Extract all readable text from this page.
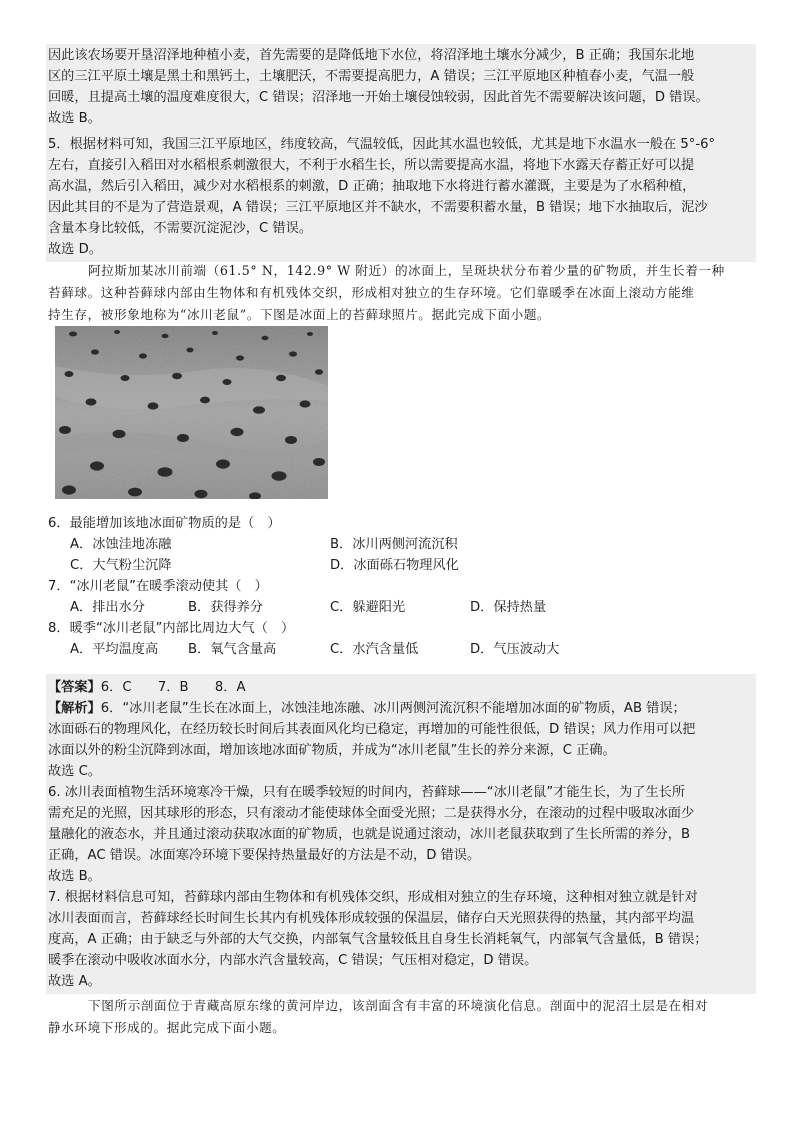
因此该农场要开垦沼泽地种植小麦，首先需要的是降低地下水位，将沼泽地土壤水分减少，B 正确；我国东北地
区的三江平原土壤是黑土和黑钙土，土壤肥沃，不需要提高肥力，A 错误；三江平原地区种植春小麦，气温一般
回暖，且提高土壤的温度难度很大，C 错误；沼泽地一开始土壤侵蚀较弱，因此首先不需要解决该问题，D 错误。
故选 B。
5．根据材料可知，我国三江平原地区，纬度较高，气温较低，因此其水温也较低，尤其是地下水温水一般在 5°-6°
左右，直接引入稻田对水稻根系刺激很大，不利于水稻生长，所以需要提高水温，将地下水露天存蓄正好可以提
高水温，然后引入稻田，减少对水稻根系的刺激，D 正确；抽取地下水将进行蓄水灌溉，主要是为了水稻种植，
因此其目的不是为了营造景观，A 错误；三江平原地区并不缺水，不需要积蓄水量，B 错误；地下水抽取后，泥沙
含量本身比较低，不需要沉淀泥沙，C 错误。
故选 D。
阿拉斯加某冰川前端（61.5° N，142.9° W 附近）的冰面上，呈斑块状分布着少量的矿物质，并生长着一种
苔藓球。这种苔藓球内部由生物体和有机残体交织，形成相对独立的生存环境。它们靠暖季在冰面上滚动方能维
持生存，被形象地称为“冰川老鼠”。下图是冰面上的苔藓球照片。据此完成下面小题。
6．最能增加该地冰面矿物质的是（　）
A．冰蚀洼地冻融	B．冰川两侧河流沉积
C．大气粉尘沉降	D．冰面砾石物理风化
7．“冰川老鼠”在暖季滚动使其（　）
A．排出水分	B．获得养分	C．躲避阳光	D．保持热量
8．暖季“冰川老鼠”内部比周边大气（　）
A．平均温度高 B．氧气含量高	C．水汽含量低	D．气压波动大
【答案】6．C　　7．B　　8．A
【解析】6．“冰川老鼠”生长在冰面上，冰蚀洼地冻融、冰川两侧河流沉积不能增加冰面的矿物质，AB 错误；
冰面砾石的物理风化，在经历较长时间后其表面风化均已稳定，再增加的可能性很低，D 错误；风力作用可以把
冰面以外的粉尘沉降到冰面，增加该地冰面矿物质，并成为“冰川老鼠”生长的养分来源，C 正确。
故选 C。
6. 冰川表面植物生活环境寒冷干燥，只有在暖季较短的时间内，苔藓球——“冰川老鼠”才能生长，为了生长所
需充足的光照，因其球形的形态，只有滚动才能使球体全面受光照；二是获得水分，在滚动的过程中吸取冰面少
量融化的液态水，并且通过滚动获取冰面的矿物质，也就是说通过滚动，冰川老鼠获取到了生长所需的养分，B
正确，AC 错误。冰面寒冷环境下要保持热量最好的方法是不动，D 错误。
故选 B。
7. 根据材料信息可知，苔藓球内部由生物体和有机残体交织，形成相对独立的生存环境，这种相对独立就是针对
冰川表面而言，苔藓球经长时间生长其内有机残体形成较强的保温层，储存白天光照获得的热量，其内部平均温
度高，A 正确；由于缺乏与外部的大气交换，内部氧气含量较低且自身生长消耗氧气，内部氧气含量低，B 错误；
暖季在滚动中吸收冰面水分，内部水汽含量较高，C 错误；气压相对稳定，D 错误。
故选 A。
下图所示剖面位于青藏高原东缘的黄河岸边，该剖面含有丰富的环境演化信息。剖面中的泥沼土层是在相对
静水环境下形成的。据此完成下面小题。
